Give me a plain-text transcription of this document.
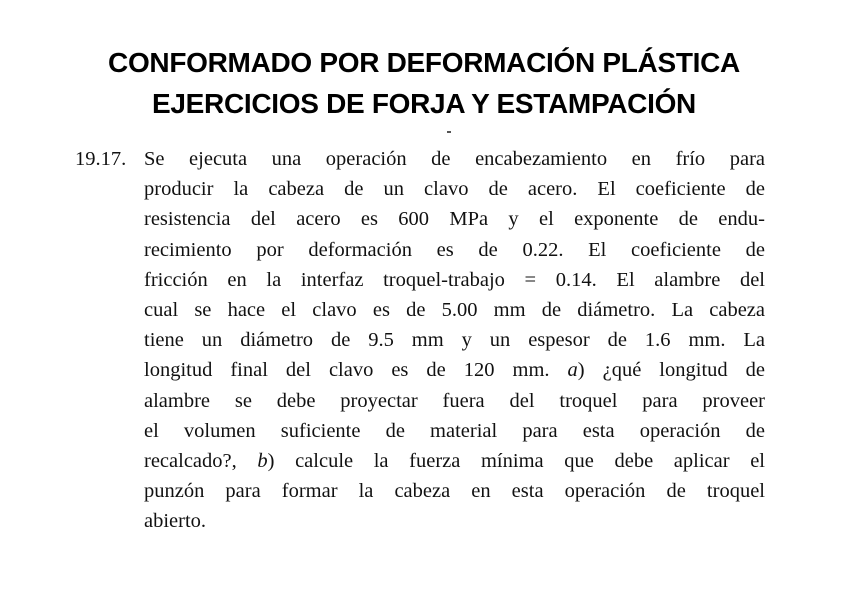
CONFORMADO POR DEFORMACIÓN PLÁSTICA
EJERCICIOS DE FORJA Y ESTAMPACIÓN
19.17. Se ejecuta una operación de encabezamiento en frío para
producir la cabeza de un clavo de acero. El coeficiente de
resistencia del acero es 600 MPa y el exponente de endu-
recimiento por deformación es de 0.22. El coeficiente de
fricción en la interfaz troquel-trabajo = 0.14. El alambre del
cual se hace el clavo es de 5.00 mm de diámetro. La cabeza
tiene un diámetro de 9.5 mm y un espesor de 1.6 mm. La
longitud final del clavo es de 120 mm. a) ¿qué longitud de
alambre se debe proyectar fuera del troquel para proveer
el volumen suficiente de material para esta operación de
recalcado?, b) calcule la fuerza mínima que debe aplicar el
punzón para formar la cabeza en esta operación de troquel
abierto.
